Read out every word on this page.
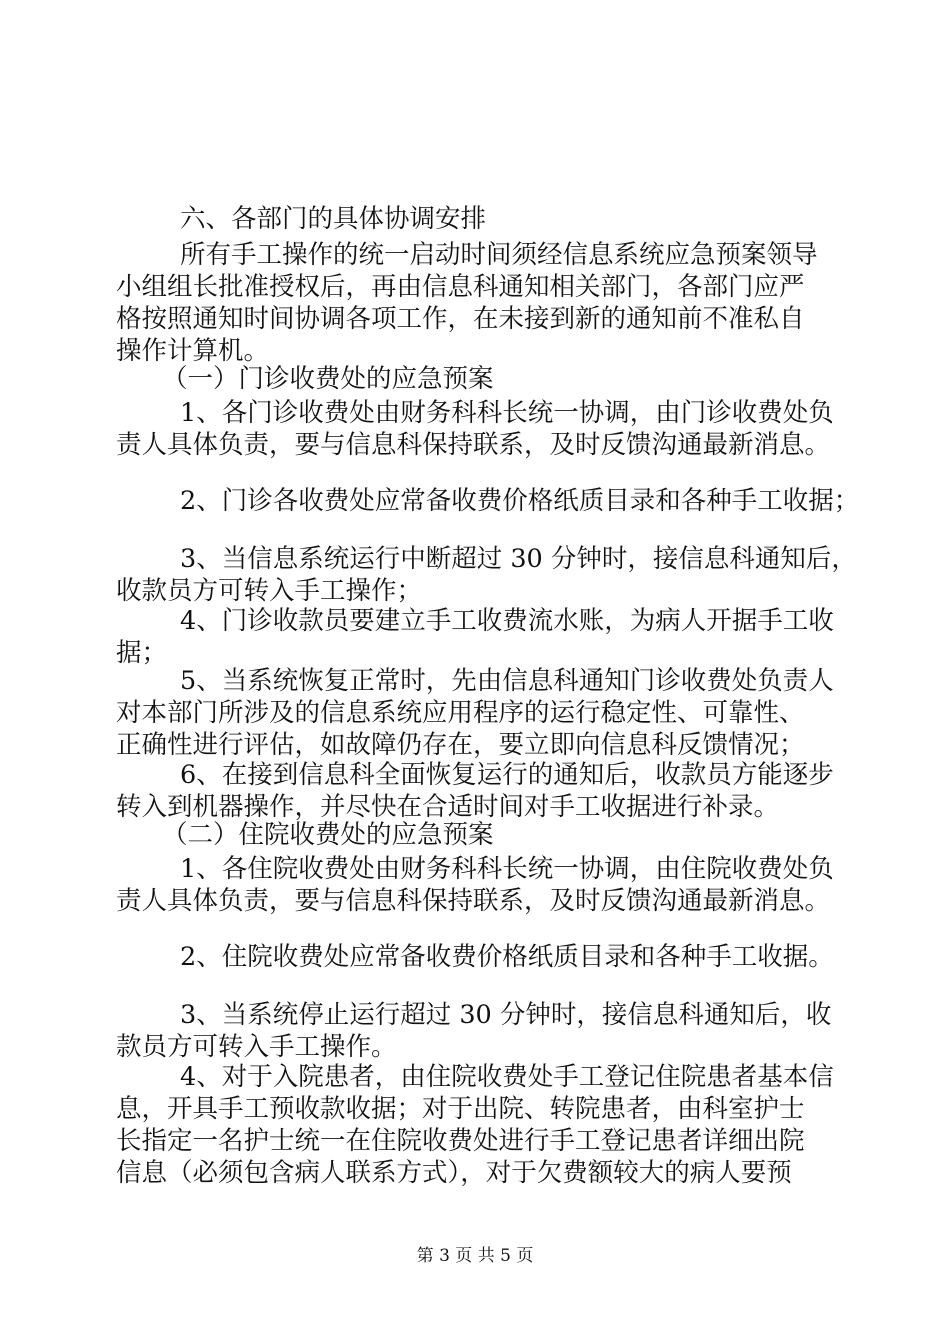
六、各部门的具体协调安排

所有手工操作的统一启动时间须经信息系统应急预案领导

小组组长批准授权后，再由信息科通知相关部门，各部门应严

格按照通知时间协调各项工作，在未接到新的通知前不准私自

操作计算机。

（一）门诊收费处的应急预案

1、各门诊收费处由财务科科长统一协调，由门诊收费处负

责人具体负责，要与信息科保持联系，及时反馈沟通最新消息。

2、门诊各收费处应常备收费价格纸质目录和各种手工收据；

3、当信息系统运行中断超过 30 分钟时，接信息科通知后，

收款员方可转入手工操作；

4、门诊收款员要建立手工收费流水账，为病人开据手工收

据；

5、当系统恢复正常时，先由信息科通知门诊收费处负责人

对本部门所涉及的信息系统应用程序的运行稳定性、可靠性、

正确性进行评估，如故障仍存在，要立即向信息科反馈情况；

6、在接到信息科全面恢复运行的通知后，收款员方能逐步

转入到机器操作，并尽快在合适时间对手工收据进行补录。

（二）住院收费处的应急预案

1、各住院收费处由财务科科长统一协调，由住院收费处负

责人具体负责，要与信息科保持联系，及时反馈沟通最新消息。

2、住院收费处应常备收费价格纸质目录和各种手工收据。

3、当系统停止运行超过 30 分钟时，接信息科通知后，收

款员方可转入手工操作。

4、对于入院患者，由住院收费处手工登记住院患者基本信

息，开具手工预收款收据；对于出院、转院患者，由科室护士

长指定一名护士统一在住院收费处进行手工登记患者详细出院

信息（必须包含病人联系方式），对于欠费额较大的病人要预

第 3 页 共 5 页
